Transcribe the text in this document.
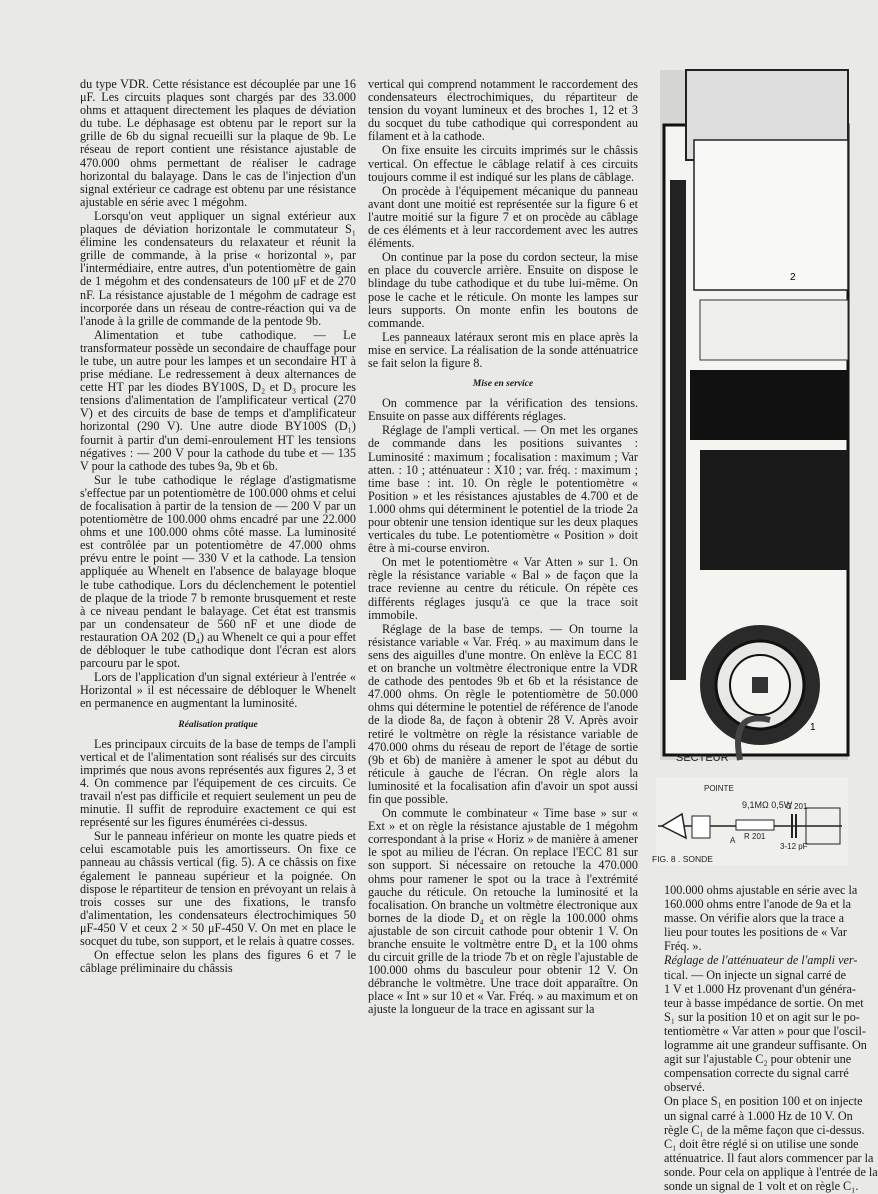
du type VDR. Cette résistance est découplée par une 16 μF. Les circuits plaques sont chargés par des 33.000 ohms et attaquent directement les plaques de déviation du tube. Le déphasage est obtenu par le report sur la grille de 6b du signal recueilli sur la plaque de 9b. Le réseau de report contient une résistance ajustable de 470.000 ohms permettant de réaliser le cadrage horizontal du balayage. Dans le cas de l'injection d'un signal extérieur ce cadrage est obtenu par une résistance ajustable en série avec 1 mégohm.

Lorsqu'on veut appliquer un signal extérieur aux plaques de déviation horizontale le commutateur S₁ élimine les condensateurs du relaxateur et réunit la grille de commande, à la prise « horizontal », par l'intermédiaire, entre autres, d'un potentiomètre de gain de 1 mégohm et des condensateurs de 100 μF et de 270 nF. La résistance ajustable de 1 mégohm de cadrage est incorporée dans un réseau de contre-réaction qui va de l'anode à la grille de commande de la pentode 9b.

Alimentation et tube cathodique. — Le transformateur possède un secondaire de chauffage pour le tube, un autre pour les lampes et un secondaire HT à prise médiane. Le redressement à deux alternances de cette HT par les diodes BY100S, D₂ et D₃ procure les tensions d'alimentation de l'amplificateur vertical (270 V) et des circuits de base de temps et d'amplificateur horizontal (290 V). Une autre diode BY100S (D₁) fournit à partir d'un demi-enroulement HT les tensions négatives : — 200 V pour la cathode du tube et — 135 V pour la cathode des tubes 9a, 9b et 6b.

Sur le tube cathodique le réglage d'astigmatisme s'effectue par un potentiomètre de 100.000 ohms et celui de focalisation à partir de la tension de — 200 V par un potentiomètre de 100.000 ohms encadré par une 22.000 ohms et une 100.000 ohms côté masse. La luminosité est contrôlée par un potentiomètre de 47.000 ohms prévu entre le point — 330 V et la cathode. La tension appliquée au Whenelt en l'absence de balayage bloque le tube cathodique. Lors du déclenchement le potentiel de plaque de la triode 7 b remonte brusquement et reste à ce niveau pendant le balayage. Cet état est transmis par un condensateur de 560 nF et une diode de restauration OA 202 (D₄) au Whenelt ce qui a pour effet de débloquer le tube cathodique dont l'écran est alors parcouru par le spot.

Lors de l'application d'un signal extérieur à l'entrée « Horizontal » il est nécessaire de débloquer le Whenelt en permanence en augmentant la luminosité.

Réalisation pratique

Les principaux circuits de la base de temps de l'ampli vertical et de l'alimentation sont réalisés sur des circuits imprimés que nous avons représentés aux figures 2, 3 et 4. On commence par l'équipement de ces circuits. Ce travail n'est pas difficile et requiert seulement un peu de minutie. Il suffit de reproduire exactement ce qui est représenté sur les figures énumérées ci-dessus.

Sur le panneau inférieur on monte les quatre pieds et celui escamotable puis les amortisseurs. On fixe ce panneau au châssis vertical (fig. 5). A ce châssis on fixe également le panneau supérieur et la poignée. On dispose le répartiteur de tension en prévoyant un relais à trois cosses sur une des fixations, le transfo d'alimentation, les condensateurs électrochimiques 50 μF-450 V et ceux 2 × 50 μF-450 V. On met en place le socquet du tube, son support, et le relais à quatre cosses.

On effectue selon les plans des figures 6 et 7 le câblage préliminaire du châssis

vertical qui comprend notamment le raccordement des condensateurs électrochimiques, du répartiteur de tension du voyant lumineux et des broches 1, 12 et 3 du socquet du tube cathodique qui correspondent au filament et à la cathode.

On fixe ensuite les circuits imprimés sur le châssis vertical. On effectue le câblage relatif à ces circuits toujours comme il est indiqué sur les plans de câblage.

On procède à l'équipement mécanique du panneau avant dont une moitié est représentée sur la figure 6 et l'autre moitié sur la figure 7 et on procède au câblage de ces éléments et à leur raccordement avec les autres éléments.

On continue par la pose du cordon secteur, la mise en place du couvercle arrière. Ensuite on dispose le blindage du tube cathodique et du tube lui-même. On pose le cache et le réticule. On monte les lampes sur leurs supports. On monte enfin les boutons de commande.

Les panneaux latéraux seront mis en place après la mise en service. La réalisation de la sonde atténuatrice se fait selon la figure 8.

Mise en service

On commence par la vérification des tensions. Ensuite on passe aux différents réglages.

Réglage de l'ampli vertical. — On met les organes de commande dans les positions suivantes : Luminosité : maximum ; focalisation : maximum ; Var atten. : 10 ; atténuateur : X10 ; var. fréq. : maximum ; time base : int. 10. On règle le potentiomètre « Position » et les résistances ajustables de 4.700 et de 1.000 ohms qui déterminent le potentiel de la triode 2a pour obtenir une tension identique sur les deux plaques verticales du tube. Le potentiomètre « Position » doit être à mi-course environ.

On met le potentiomètre « Var Atten » sur 1. On règle la résistance variable « Bal » de façon que la trace revienne au centre du réticule. On répète ces différents réglages jusqu'à ce que la trace soit immobile.

Réglage de la base de temps. — On tourne la résistance variable « Var. Fréq. » au maximum dans le sens des aiguilles d'une montre. On enlève la ECC 81 et on branche un voltmètre électronique entre la VDR de cathode des pentodes 9b et 6b et la résistance de 47.000 ohms. On règle le potentiomètre de 50.000 ohms qui détermine le potentiel de référence de l'anode de la diode 8a, de façon à obtenir 28 V. Après avoir retiré le voltmètre on règle la résistance variable de 470.000 ohms du réseau de report de l'étage de sortie (9b et 6b) de manière à amener le spot au début du réticule à gauche de l'écran. On règle alors la luminosité et la focalisation afin d'avoir un spot aussi fin que possible.

On commute le combinateur « Time base » sur « Ext » et on règle la résistance ajustable de 1 mégohm correspondant à la prise « Horiz » de manière à amener le spot au milieu de l'écran. On replace l'ECC 81 sur son support. Si nécessaire on retouche la 470.000 ohms pour ramener le spot ou la trace à l'extrémité gauche du réticule. On retouche la luminosité et la focalisation. On branche un voltmètre électronique aux bornes de la diode D₄ et on règle la 100.000 ohms ajustable de son circuit cathode pour obtenir 1 V. On branche ensuite le voltmètre entre D₄ et la 100 ohms du circuit grille de la triode 7b et on règle l'ajustable de 100.000 ohms du basculeur pour obtenir 12 V. On débranche le voltmètre. Une trace doit apparaître. On place « Int » sur 10 et « Var. Fréq. » au maximum et on ajuste la longueur de la trace en agissant sur la

2
1
SECTEUR
POINTE
9,1MΩ 0,5W
R 201
C 201
3-12 pF
A
FIG. 8 . SONDE

100.000 ohms ajustable en série avec la

160.000 ohms entre l'anode de 9a et la

masse. On vérifie alors que la trace a

lieu pour toutes les positions de « Var

Fréq. ».

Réglage de l'atténuateur de l'ampli ver-

tical. — On injecte un signal carré de

1 V et 1.000 Hz provenant d'un généra-

teur à basse impédance de sortie. On met

S₁ sur la position 10 et on agit sur le po-

tentiomètre « Var atten » pour que l'oscil-

logramme ait une grandeur suffisante. On

agit sur l'ajustable C₂ pour obtenir une

compensation correcte du signal carré

observé.

On place S₁ en position 100 et on injecte

un signal carré à 1.000 Hz de 10 V. On

règle C₁ de la même façon que ci-dessus.

C₁ doit être réglé si on utilise une sonde

atténuatrice. Il faut alors commencer par la

sonde. Pour cela on applique à l'entrée de la

sonde un signal de 1 volt et on règle C₁.
